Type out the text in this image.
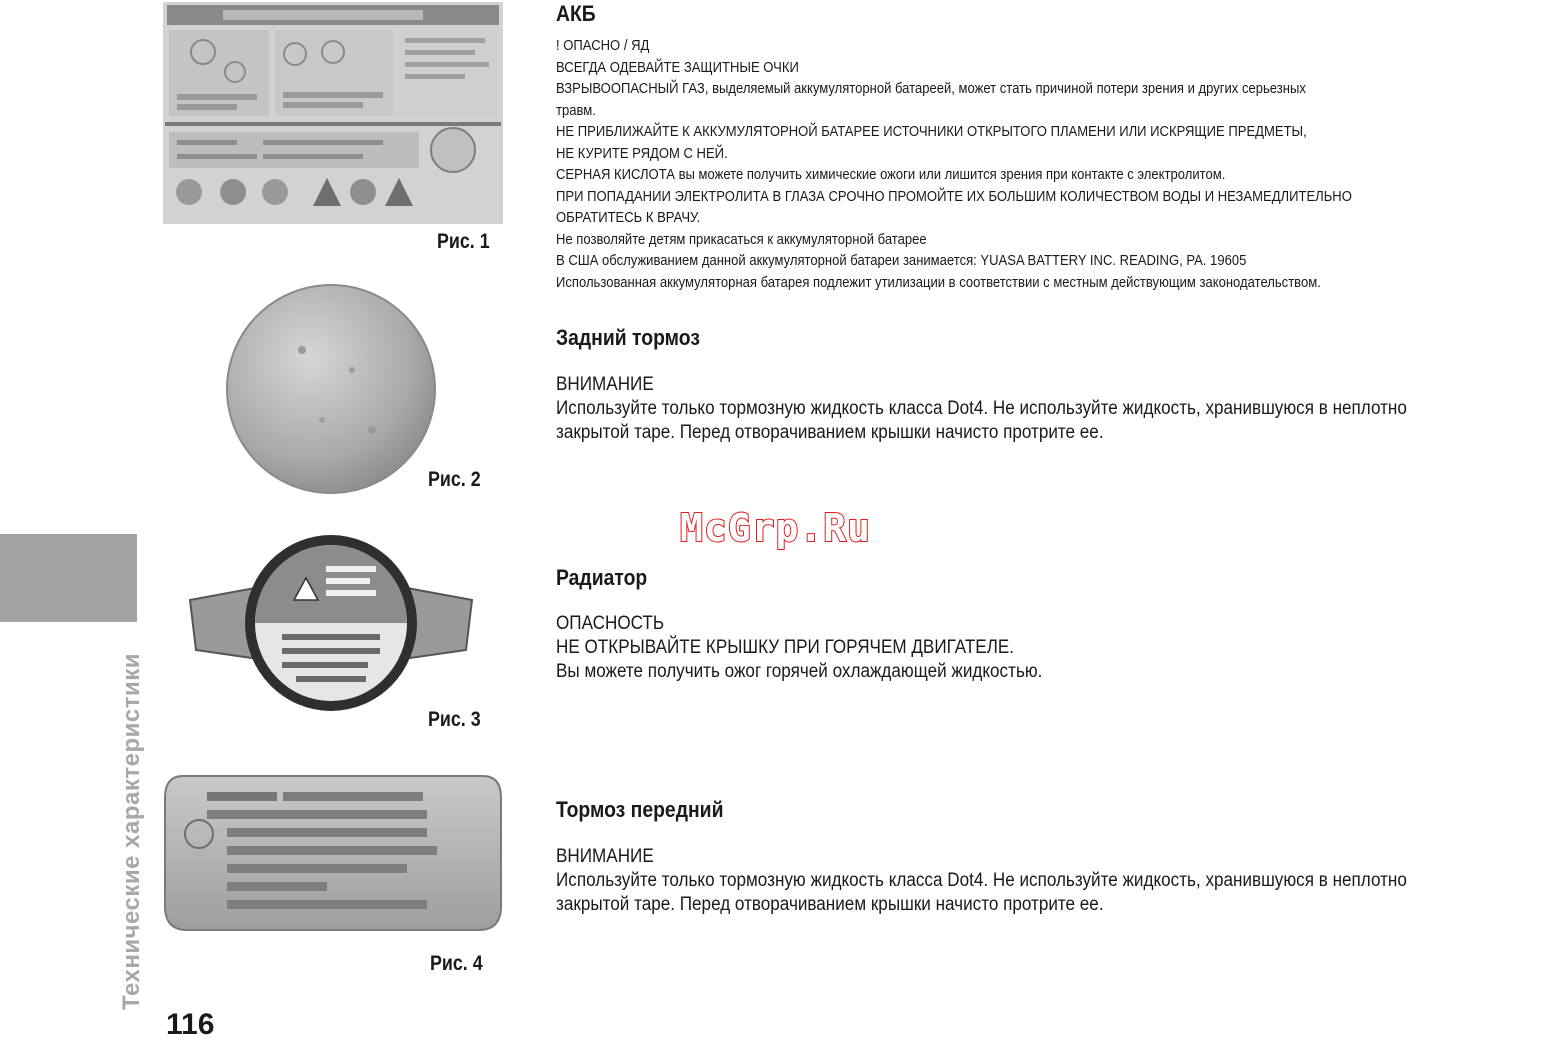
Технические характеристики
116
Рис. 1
Рис. 2
Рис. 3
Рис. 4
АКБ
! ОПАСНО / ЯД
ВСЕГДА ОДЕВАЙТЕ ЗАЩИТНЫЕ ОЧКИ
ВЗРЫВООПАСНЫЙ ГАЗ, выделяемый аккумуляторной батареей, может стать причиной потери зрения и других серьезных
травм.
НЕ ПРИБЛИЖАЙТЕ К АККУМУЛЯТОРНОЙ БАТАРЕЕ ИСТОЧНИКИ ОТКРЫТОГО ПЛАМЕНИ ИЛИ ИСКРЯЩИЕ ПРЕДМЕТЫ,
НЕ КУРИТЕ РЯДОМ С НЕЙ.
СЕРНАЯ КИСЛОТА вы можете получить химические ожоги или лишится зрения при контакте с электролитом.
ПРИ ПОПАДАНИИ ЭЛЕКТРОЛИТА В ГЛАЗА СРОЧНО ПРОМОЙТЕ ИХ БОЛЬШИМ КОЛИЧЕСТВОМ ВОДЫ И НЕЗАМЕДЛИТЕЛЬНО
ОБРАТИТЕСЬ К ВРАЧУ.
Не позволяйте детям прикасаться к аккумуляторной батарее
В США обслуживанием данной аккумуляторной батареи занимается: YUASA BATTERY INC. READING, PA. 19605
Использованная аккумуляторная батарея подлежит утилизации в соответствии с местным действующим законодательством.
Задний тормоз
ВНИМАНИЕ
Используйте только тормозную жидкость класса Dot4. Не используйте жидкость, хранившуюся в неплотно
закрытой таре. Перед отворачиванием крышки начисто протрите ее.
McGrp.Ru
Радиатор
ОПАСНОСТЬ
НЕ ОТКРЫВАЙТЕ КРЫШКУ ПРИ ГОРЯЧЕМ ДВИГАТЕЛЕ.
Вы можете получить ожог горячей охлаждающей жидкостью.
Тормоз передний
ВНИМАНИЕ
Используйте только тормозную жидкость класса Dot4. Не используйте жидкость, хранившуюся в неплотно
закрытой таре. Перед отворачиванием крышки начисто протрите ее.
